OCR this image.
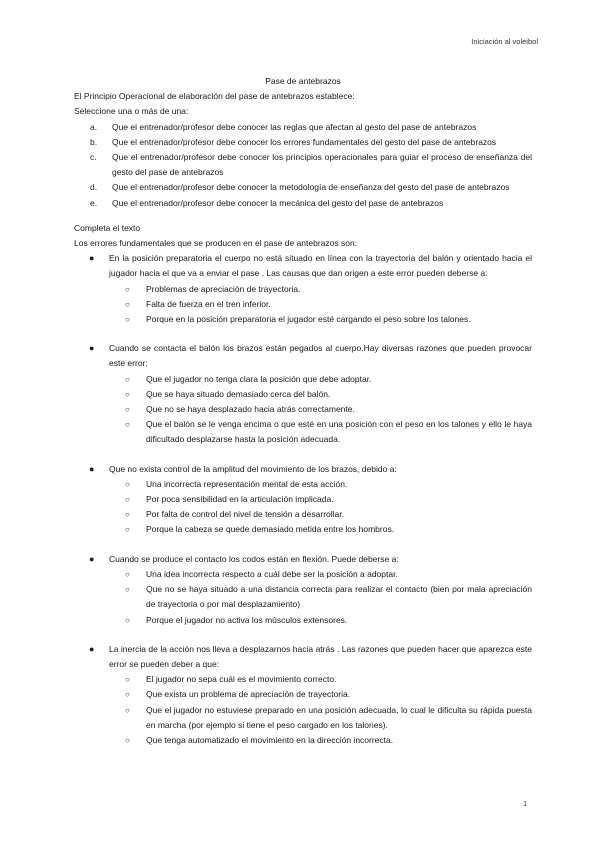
Iniciación al voleibol

Pase de antebrazos

El Principio Operacional de elaboración del pase de antebrazos establece:

Seleccione una o más de una:

a. Que el entrenador/profesor debe conocer las reglas que afectan al gesto del pase de antebrazos
b. Que el entrenador/profesor debe conocer los errores fundamentales del gesto del pase de antebrazos
c. Que el entrenador/profesor debe conocer los principios operacionales para guiar el proceso de enseñanza del gesto del pase de antebrazos
d. Que el entrenador/profesor debe conocer la metodología de enseñanza del gesto del pase de antebrazos
e. Que el entrenador/profesor debe conocer la mecánica del gesto del pase de antebrazos

Completa el texto

Los errores fundamentales que se producen en el pase de antebrazos son:

● En la posición preparatoria el cuerpo no está situado en línea con la trayectoria del balón y orientado hacia el jugador hacia el que va a enviar el pase . Las causas que dan origen a este error pueden deberse a:
○ Problemas de apreciación de trayectoria.
○ Falta de fuerza en el tren inferior.
○ Porque en la posición preparatoria el jugador esté cargando el peso sobre los talones.
● Cuando se contacta el balón los brazos están pegados al cuerpo.Hay diversas razones que pueden provocar este error:
○ Que el jugador no tenga clara la posición que debe adoptar.
○ Que se haya situado demasiado cerca del balón.
○ Que no se haya desplazado hacia atrás correctamente.
○ Que el balón se le venga encima o que esté en una posición con el peso en los talones y ello le haya dificultado desplazarse hasta la posición adecuada.
● Que no exista control de la amplitud del movimiento de los brazos, debido a:
○ Una incorrecta representación mental de esta acción.
○ Por poca sensibilidad en la articulación implicada.
○ Por falta de control del nivel de tensión a desarrollar.
○ Porque la cabeza se quede demasiado metida entre los hombros.
● Cuando se produce el contacto los codos están en flexión. Puede deberse a:
○ Una idea incorrecta respecto a cuál debe ser la posición a adoptar.
○ Que no se haya situado a una distancia correcta para realizar el contacto (bien por mala apreciación de trayectoria o por mal desplazamiento)
○ Porque el jugador no activa los músculos extensores.
● La inercia de la acción nos lleva a desplazarnos hacia atrás . Las razones que pueden hacer que aparezca este error se pueden deber a que:
○ El jugador no sepa cuál es el movimiento correcto.
○ Que exista un problema de apreciación de trayectoria.
○ Que el jugador no estuviese preparado en una posición adecuada, lo cual le dificulta su rápida puesta en marcha (por ejemplo si tiene el peso cargado en los talones).
○ Que tenga automatizado el movimiento en la dirección incorrecta.
1
